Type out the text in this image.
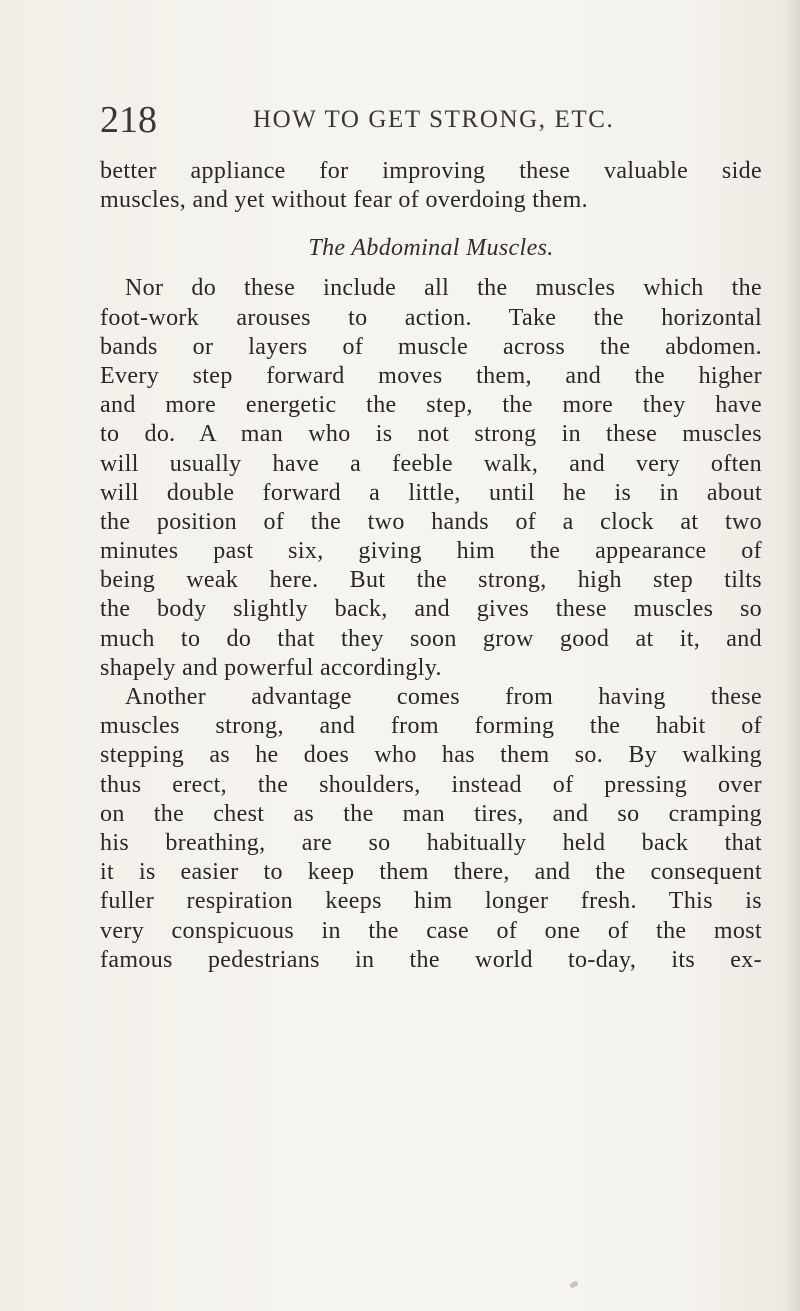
218	HOW TO GET STRONG, ETC.
better appliance for improving these valuable side
muscles, and yet without fear of overdoing them.
The Abdominal Muscles.
Nor do these include all the muscles which the
foot-work arouses to action. Take the horizontal
bands or layers of muscle across the abdomen.
Every step forward moves them, and the higher
and more energetic the step, the more they have
to do. A man who is not strong in these muscles
will usually have a feeble walk, and very often
will double forward a little, until he is in about
the position of the two hands of a clock at two
minutes past six, giving him the appearance of
being weak here. But the strong, high step tilts
the body slightly back, and gives these muscles so
much to do that they soon grow good at it, and
shapely and powerful accordingly.
Another advantage comes from having these
muscles strong, and from forming the habit of
stepping as he does who has them so. By walking
thus erect, the shoulders, instead of pressing over
on the chest as the man tires, and so cramping
his breathing, are so habitually held back that
it is easier to keep them there, and the consequent
fuller respiration keeps him longer fresh. This is
very conspicuous in the case of one of the most
famous pedestrians in the world to-day, its ex-
